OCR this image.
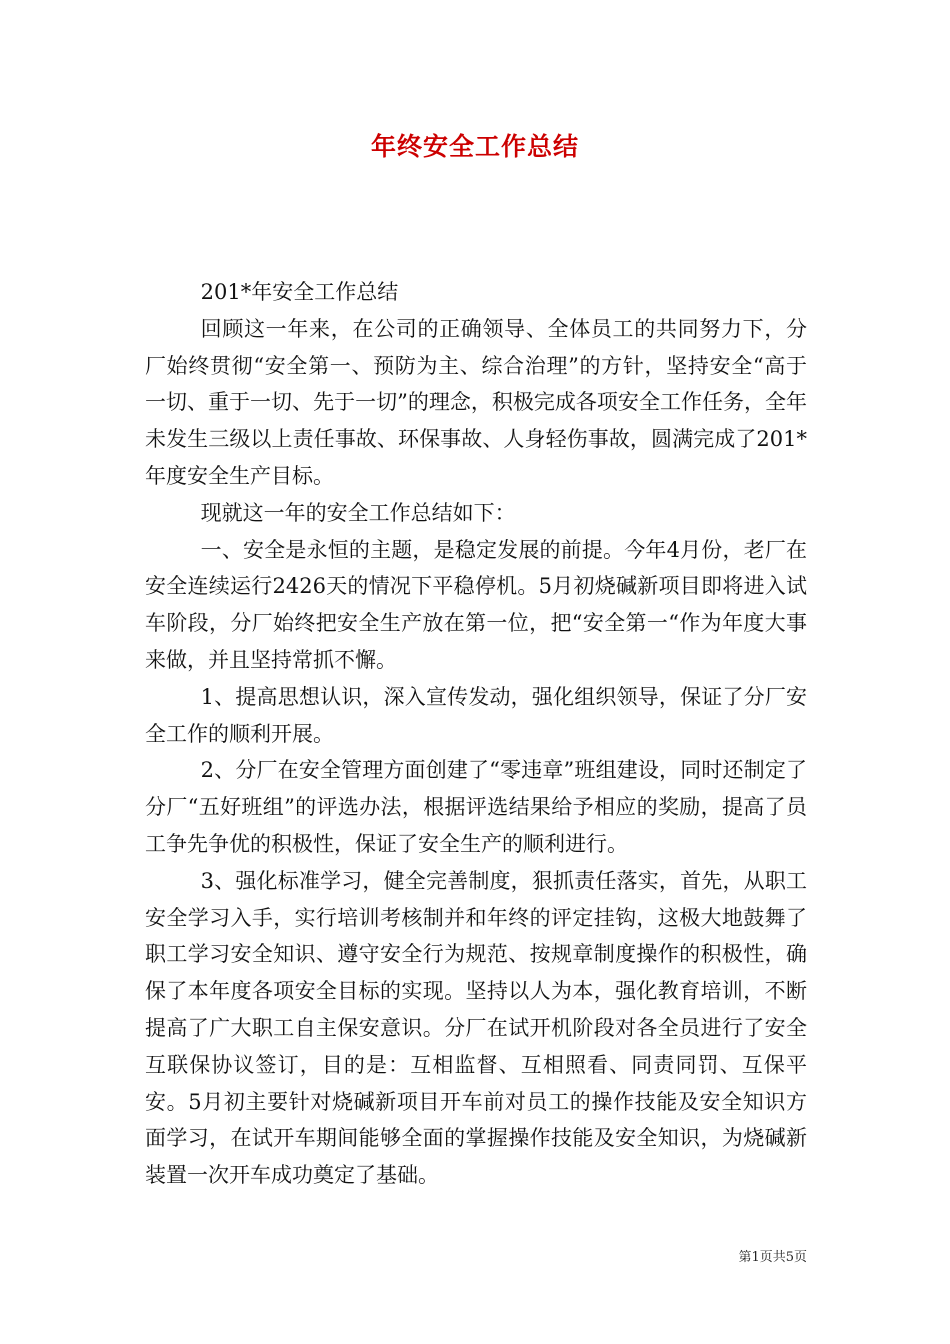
年终安全工作总结

201*年安全工作总结

回顾这一年来，在公司的正确领导、全体员工的共同努力下，分厂始终贯彻“安全第一、预防为主、综合治理”的方针，坚持安全“高于一切、重于一切、先于一切”的理念，积极完成各项安全工作任务，全年未发生三级以上责任事故、环保事故、人身轻伤事故，圆满完成了201*年度安全生产目标。

现就这一年的安全工作总结如下：

一、安全是永恒的主题，是稳定发展的前提。今年4月份，老厂在安全连续运行2426天的情况下平稳停机。5月初烧碱新项目即将进入试车阶段，分厂始终把安全生产放在第一位，把“安全第一“作为年度大事来做，并且坚持常抓不懈。

1、提高思想认识，深入宣传发动，强化组织领导，保证了分厂安全工作的顺利开展。

2、分厂在安全管理方面创建了“零违章”班组建设，同时还制定了分厂“五好班组”的评选办法，根据评选结果给予相应的奖励，提高了员工争先争优的积极性，保证了安全生产的顺利进行。

3、强化标准学习，健全完善制度，狠抓责任落实，首先，从职工安全学习入手，实行培训考核制并和年终的评定挂钩，这极大地鼓舞了职工学习安全知识、遵守安全行为规范、按规章制度操作的积极性，确保了本年度各项安全目标的实现。坚持以人为本，强化教育培训，不断提高了广大职工自主保安意识。分厂在试开机阶段对各全员进行了安全互联保协议签订，目的是：互相监督、互相照看、同责同罚、互保平安。5月初主要针对烧碱新项目开车前对员工的操作技能及安全知识方面学习，在试开车期间能够全面的掌握操作技能及安全知识，为烧碱新装置一次开车成功奠定了基础。

第1页共5页
